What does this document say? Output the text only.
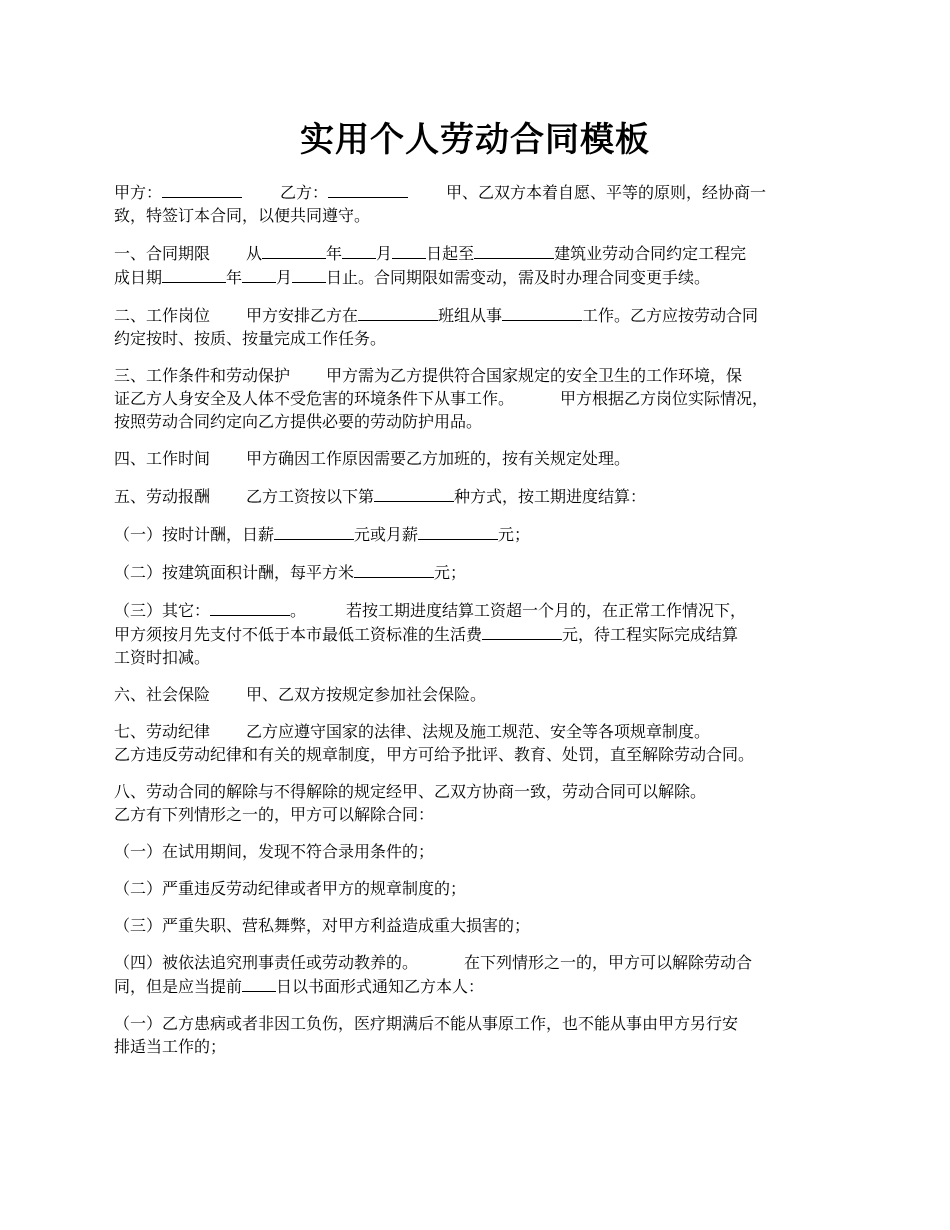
实用个人劳动合同模板

甲方：	乙方：	甲、乙双方本着自愿、平等的原则，经协商一
致，特签订本合同，以便共同遵守。

一、合同期限 从	年 月 日起至	建筑业劳动合同约定工程完
成日期	年 月 日止。合同期限如需变动，需及时办理合同变更手续。

二、工作岗位 甲方安排乙方在	班组从事	工作。乙方应按劳动合同
约定按时、按质、按量完成工作任务。

三、工作条件和劳动保护 甲方需为乙方提供符合国家规定的安全卫生的工作环境，保
证乙方人身安全及人体不受危害的环境条件下从事工作。	甲方根据乙方岗位实际情况，
按照劳动合同约定向乙方提供必要的劳动防护用品。

四、工作时间 甲方确因工作原因需要乙方加班的，按有关规定处理。

五、劳动报酬 乙方工资按以下第	种方式，按工期进度结算：

（一）按时计酬，日薪	元或月薪	元；

（二）按建筑面积计酬，每平方米	元；

（三）其它：	。	若按工期进度结算工资超一个月的，在正常工作情况下，
甲方须按月先支付不低于本市最低工资标准的生活费	元，待工程实际完成结算
工资时扣减。

六、社会保险 甲、乙双方按规定参加社会保险。

七、劳动纪律 乙方应遵守国家的法律、法规及施工规范、安全等各项规章制度。
乙方违反劳动纪律和有关的规章制度，甲方可给予批评、教育、处罚，直至解除劳动合同。

八、劳动合同的解除与不得解除的规定经甲、乙双方协商一致，劳动合同可以解除。
乙方有下列情形之一的，甲方可以解除合同：

（一）在试用期间，发现不符合录用条件的；

（二）严重违反劳动纪律或者甲方的规章制度的；

（三）严重失职、营私舞弊，对甲方利益造成重大损害的；

（四）被依法追究刑事责任或劳动教养的。	在下列情形之一的，甲方可以解除劳动合
同，但是应当提前 日以书面形式通知乙方本人：

（一）乙方患病或者非因工负伤，医疗期满后不能从事原工作，也不能从事由甲方另行安
排适当工作的；
